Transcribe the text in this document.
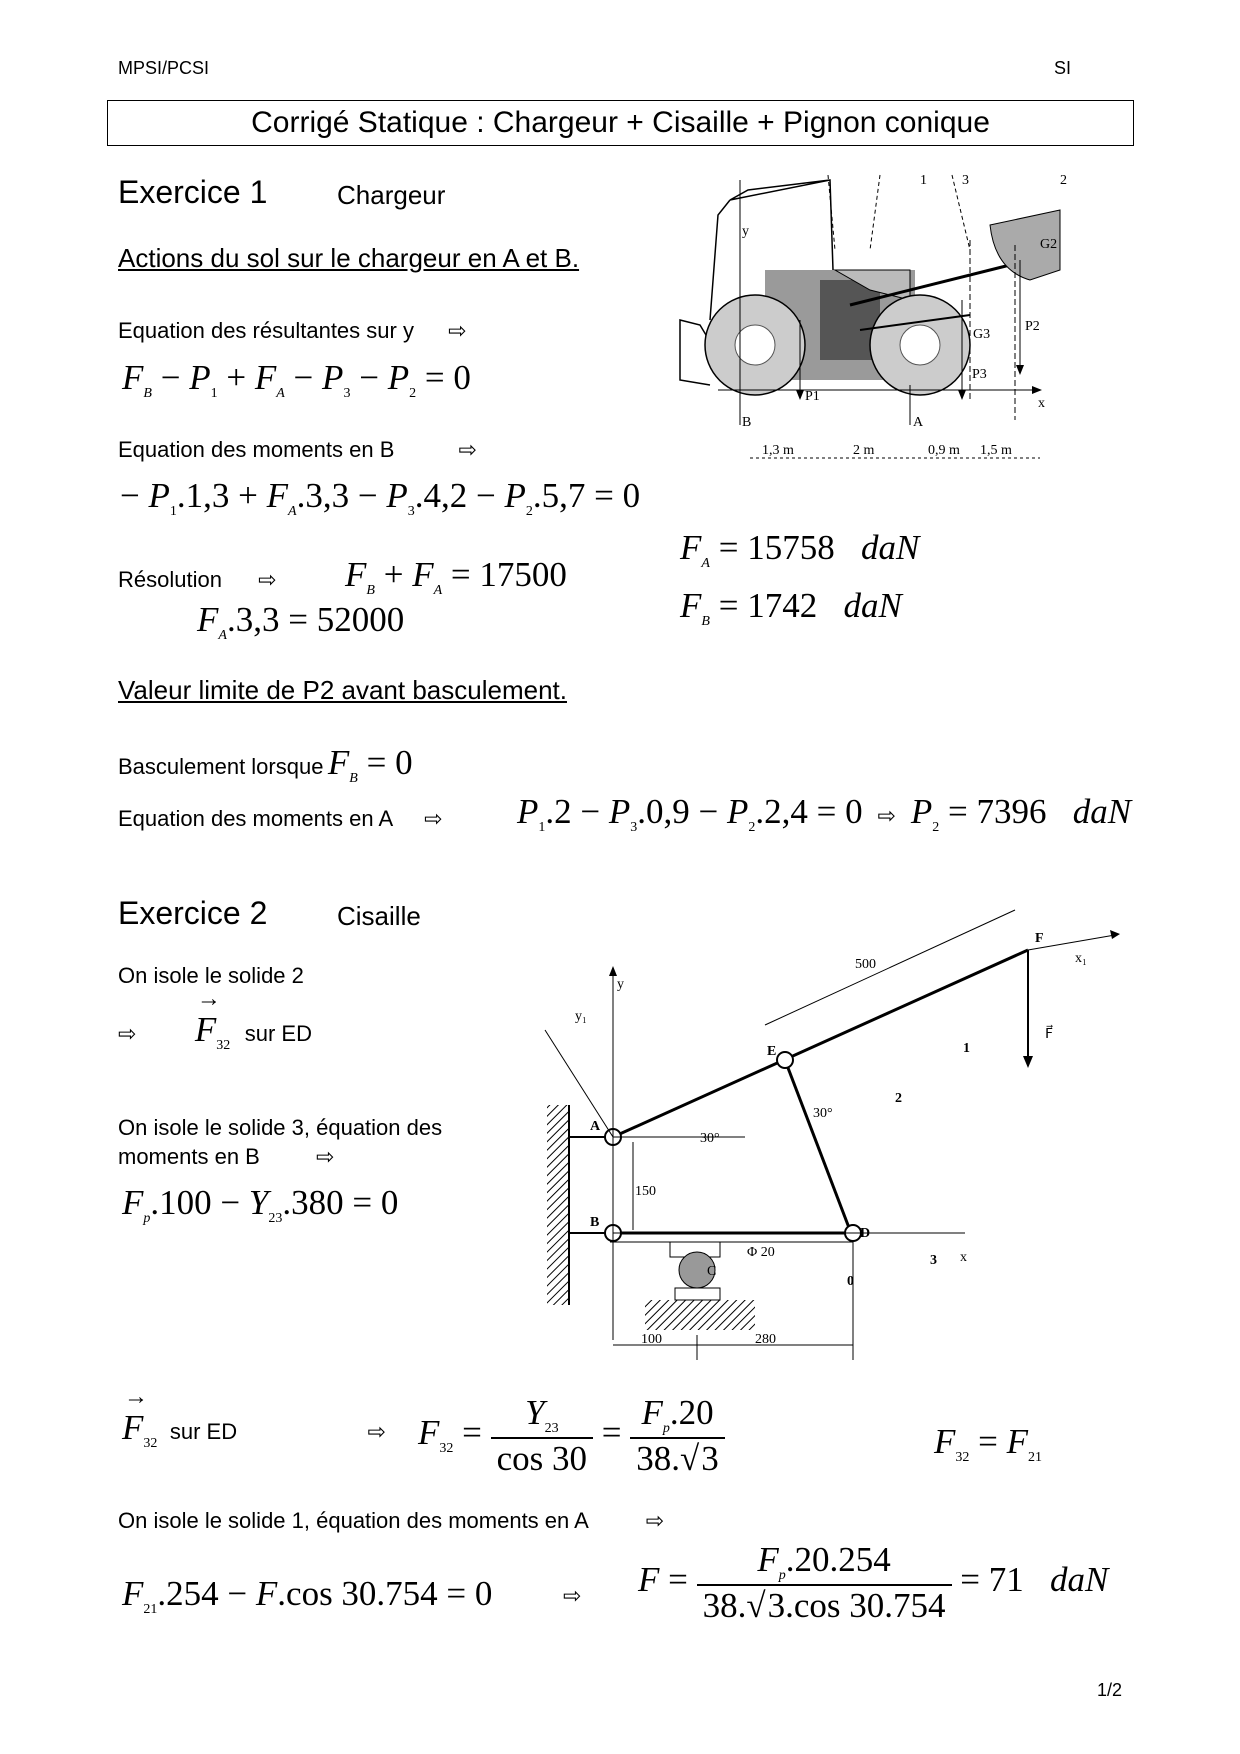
MPSI/PCSI	SI
Corrigé Statique : Chargeur + Cisaille + Pignon conique
Exercice 1	Chargeur
Actions du sol sur le chargeur en A et B.
Equation des résultantes sur y ⇨
$F_B - P_1 + F_A - P_3 - P_2 = 0$
Equation des moments en B	⇨
− $P_1.1,3 + F_A.3,3 - P_3.4,2 - P_2.5,7 = 0$
Résolution ⇨ $F_B + F_A = 17500$
$F_A.3,3 = 52000$
$F_A = 15758$ daN
$F_B = 1742$ daN
Valeur limite de P2 avant basculement.
Basculement lorsque $F_B = 0$
Equation des moments en A ⇨ $P_1.2 - P_3.0,9 - P_2.2,4 = 0$  ⇨  $P_2 = 7396$ daN
1,3 m	2 m	0,9 m 1,5 m
1	3	2
G2
G3
P2
P3
P1
B	A
x
y
Exercice 2	Cisaille
On isole le solide 2
⇨ → $F_{32}$ sur ED
On isole le solide 3, équation des moments en B	⇨
$F_p.100 - Y_{23}.380 = 0$
500
F
x₁
y
y₁
E
A
B
C
D
F⃗
x
1
2
3
0
30°
30°
150
Φ 20
100	280
→ $F_{32}$ sur ED	⇨ $F_{32} = \frac{Y_{23}}{\cos 30} = \frac{F_p.20}{38.√3}$	$F_{32} = F_{21}$
On isole le solide 1, équation des moments en A	⇨
$F_{21}.254 - F.\cos$ 30.754 = 0	⇨ $F = \frac{F_p.20.254}{38.√3.\cos 30.754} = 71$ daN
1/2
